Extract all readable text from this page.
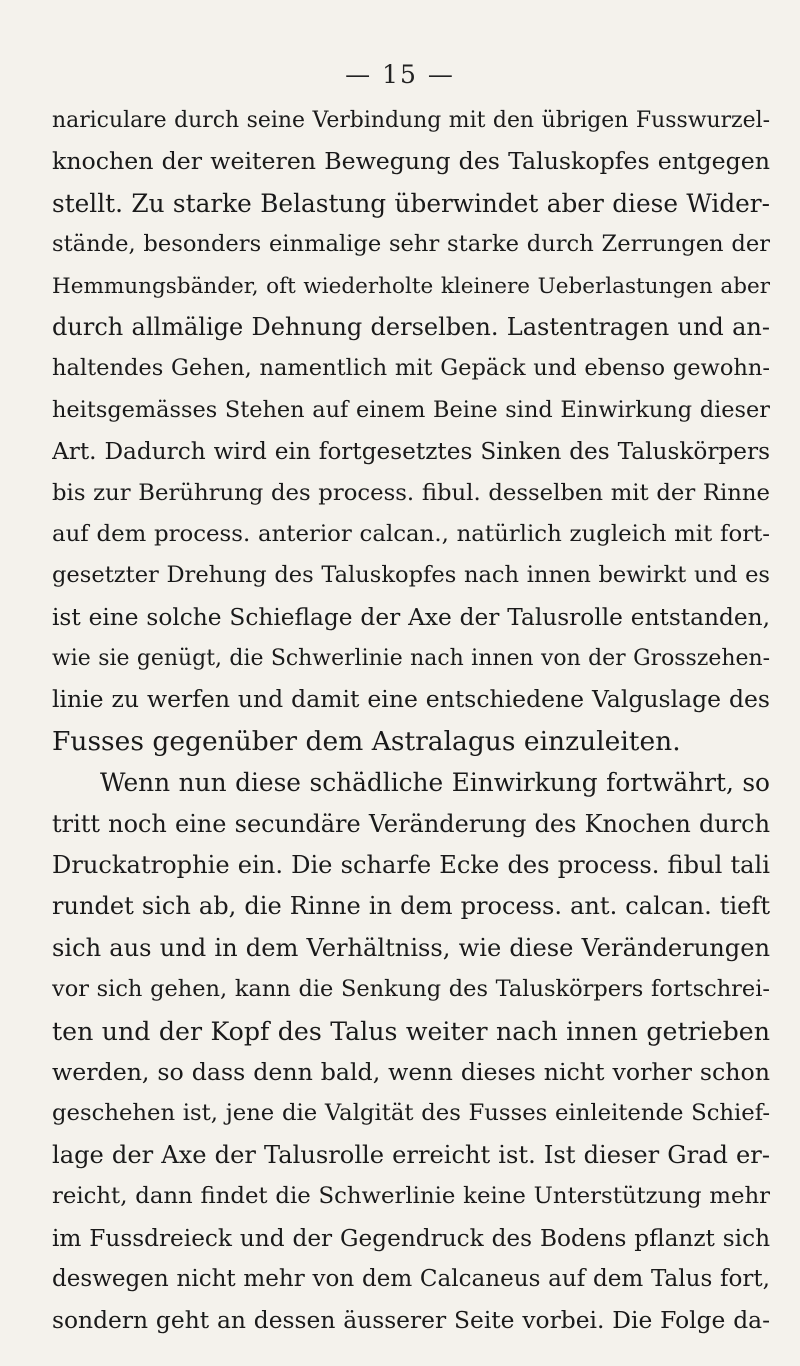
— 15 —
nariculare durch seine Verbindung mit den übrigen Fusswurzel-
knochen der weiteren Bewegung des Taluskopfes entgegen
stellt. Zu starke Belastung überwindet aber diese Wider-
stände, besonders einmalige sehr starke durch Zerrungen der
Hemmungsbänder, oft wiederholte kleinere Ueberlastungen aber
durch allmälige Dehnung derselben. Lastentragen und an-
haltendes Gehen, namentlich mit Gepäck und ebenso gewohn-
heitsgemässes Stehen auf einem Beine sind Einwirkung dieser
Art. Dadurch wird ein fortgesetztes Sinken des Taluskörpers
bis zur Berührung des process. fibul. desselben mit der Rinne
auf dem process. anterior calcan., natürlich zugleich mit fort-
gesetzter Drehung des Taluskopfes nach innen bewirkt und es
ist eine solche Schieflage der Axe der Talusrolle entstanden,
wie sie genügt, die Schwerlinie nach innen von der Grosszehen-
linie zu werfen und damit eine entschiedene Valguslage des
Fusses gegenüber dem Astralagus einzuleiten.
Wenn nun diese schädliche Einwirkung fortwährt, so
tritt noch eine secundäre Veränderung des Knochen durch
Druckatrophie ein. Die scharfe Ecke des process. fibul tali
rundet sich ab, die Rinne in dem process. ant. calcan. tieft
sich aus und in dem Verhältniss, wie diese Veränderungen
vor sich gehen, kann die Senkung des Taluskörpers fortschrei-
ten und der Kopf des Talus weiter nach innen getrieben
werden, so dass denn bald, wenn dieses nicht vorher schon
geschehen ist, jene die Valgität des Fusses einleitende Schief-
lage der Axe der Talusrolle erreicht ist. Ist dieser Grad er-
reicht, dann findet die Schwerlinie keine Unterstützung mehr
im Fussdreieck und der Gegendruck des Bodens pflanzt sich
deswegen nicht mehr von dem Calcaneus auf dem Talus fort,
sondern geht an dessen äusserer Seite vorbei. Die Folge da-
